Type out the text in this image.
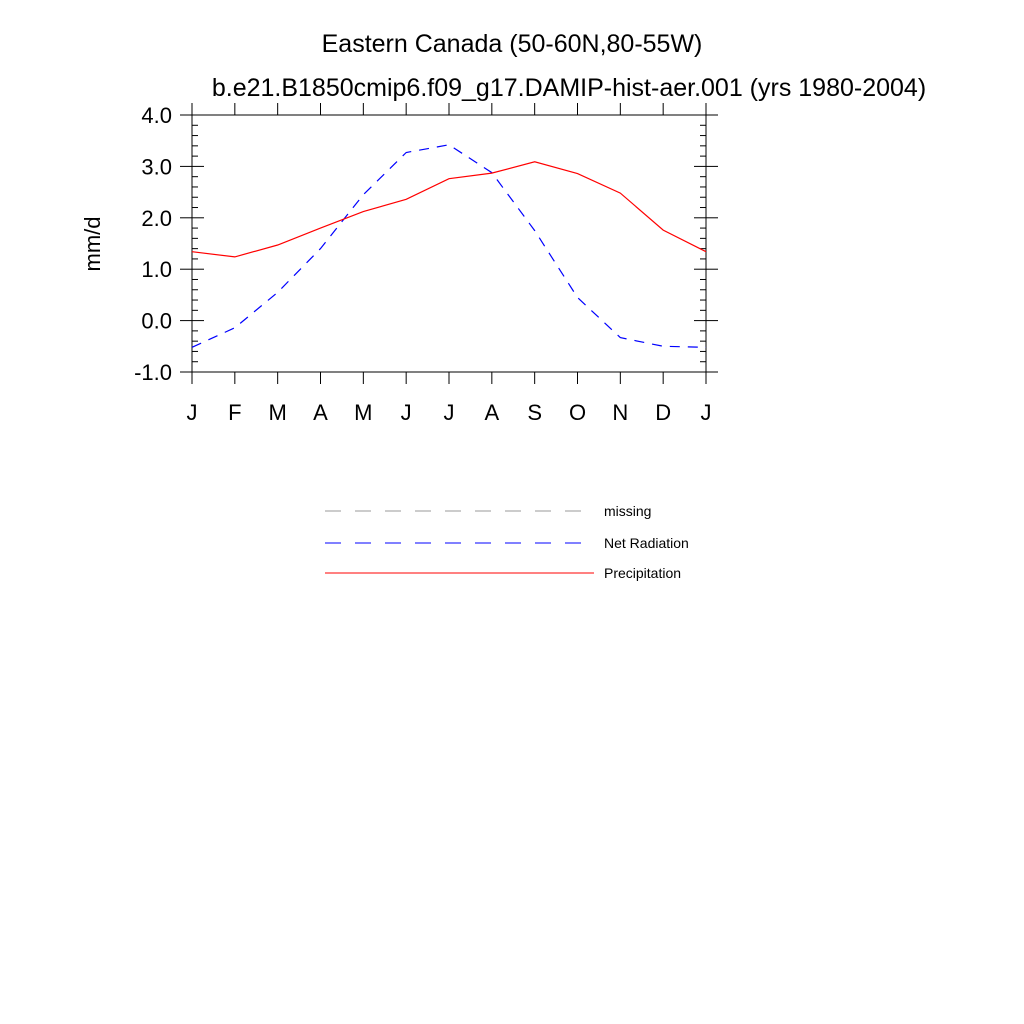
Eastern Canada (50-60N,80-55W)
b.e21.B1850cmip6.f09_g17.DAMIP-hist-aer.001 (yrs 1980-2004)
mm/d
-1.0
0.0
1.0
2.0
3.0
4.0
J F M A M J J A S O N D J
missing
Net Radiation
Precipitation
